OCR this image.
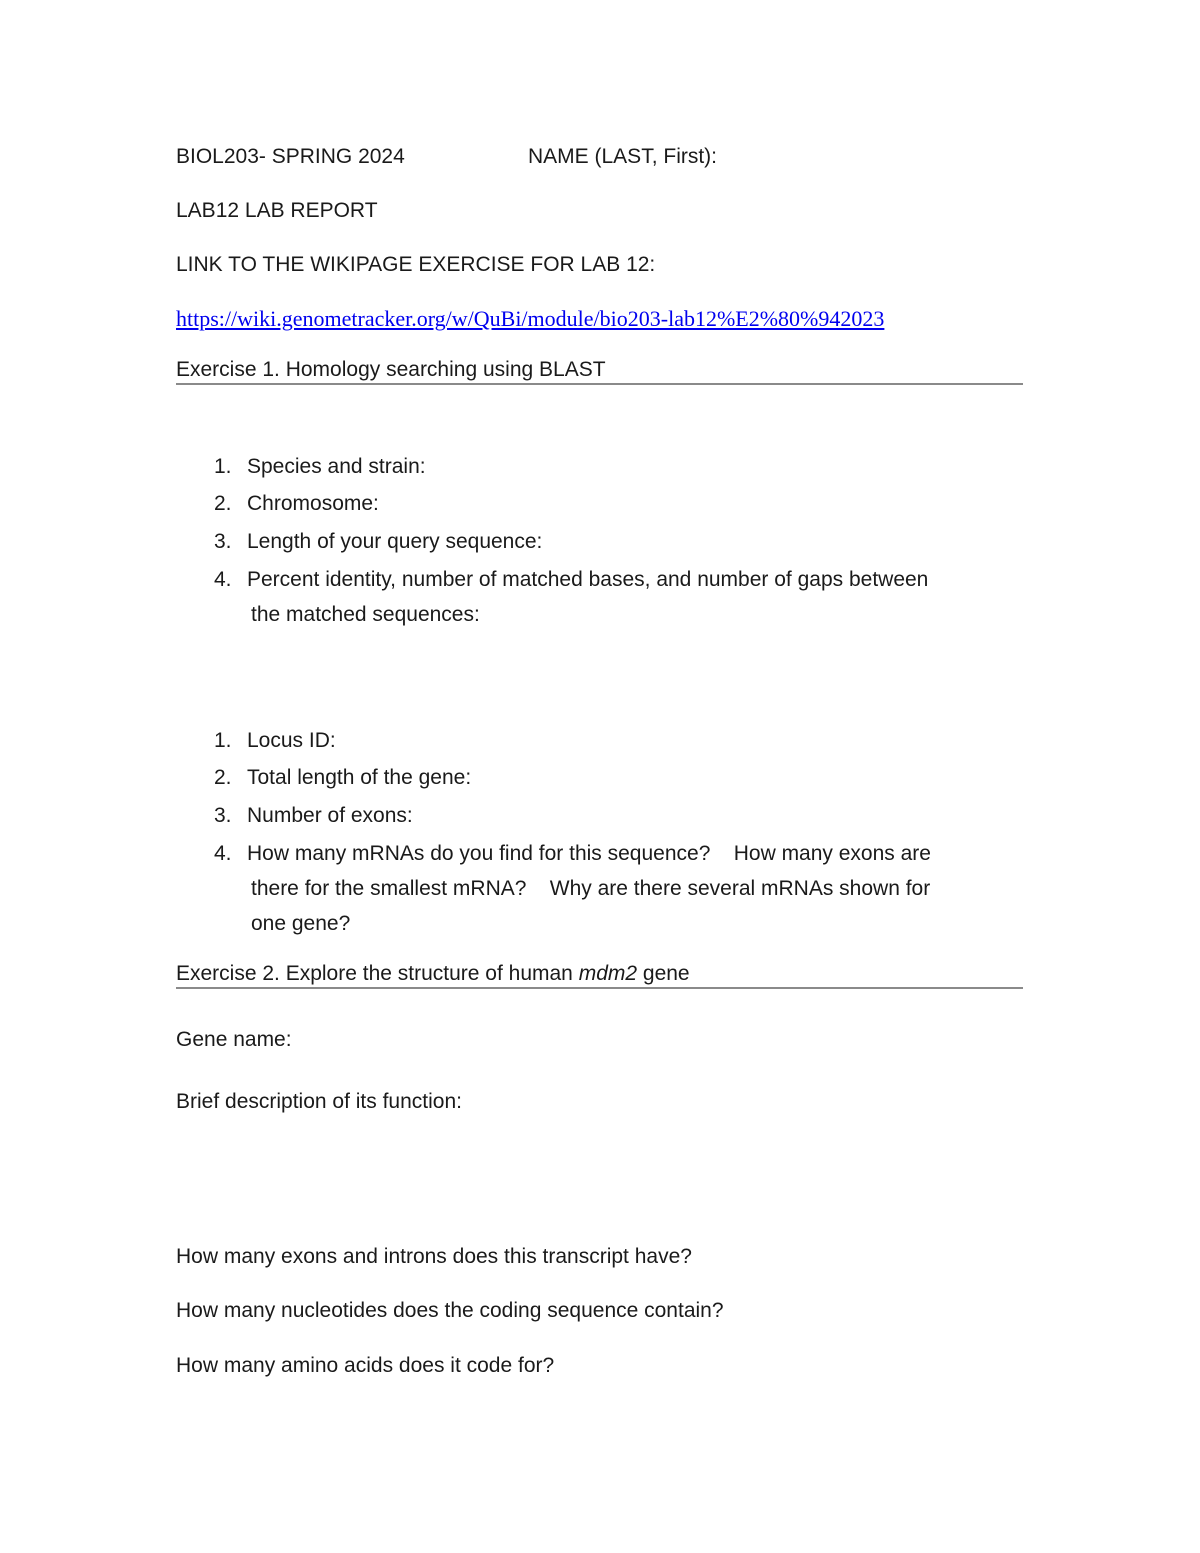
BIOL203- SPRING 2024	NAME (LAST, First):
LAB12 LAB REPORT
LINK TO THE WIKIPAGE EXERCISE FOR LAB 12:
https://wiki.genometracker.org/w/QuBi/module/bio203-lab12%E2%80%942023
Exercise 1. Homology searching using BLAST
1. Species and strain:
2. Chromosome:
3. Length of your query sequence:
4. Percent identity, number of matched bases, and number of gaps between
the matched sequences:
1. Locus ID:
2. Total length of the gene:
3. Number of exons:
4. How many mRNAs do you find for this sequence?    How many exons are
there for the smallest mRNA?    Why are there several mRNAs shown for
one gene?
Exercise 2. Explore the structure of human mdm2 gene
Gene name:
Brief description of its function:
How many exons and introns does this transcript have?
How many nucleotides does the coding sequence contain?
How many amino acids does it code for?
